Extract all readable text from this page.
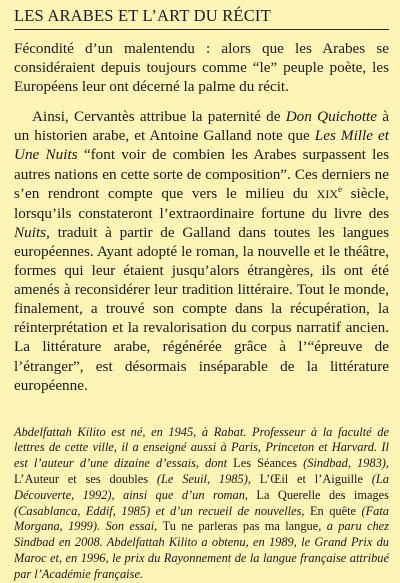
LES ARABES ET L’ART DU RÉCIT

Fécondité d’un malentendu : alors que les Arabes se considéraient depuis toujours comme “le” peuple poète, les Européens leur ont décerné la palme du récit.

Ainsi, Cervantès attribue la paternité de Don Quichotte à un historien arabe, et Antoine Galland note que Les Mille et Une Nuits “font voir de combien les Arabes surpassent les autres nations en cette sorte de composition”. Ces derniers ne s’en rendront compte que vers le milieu du XIXe siècle, lorsqu’ils constateront l’extraordinaire fortune du livre des Nuits, traduit à partir de Galland dans toutes les langues européennes. Ayant adopté le roman, la nouvelle et le théâtre, formes qui leur étaient jusqu’alors étrangères, ils ont été amenés à reconsidérer leur tradition littéraire. Tout le monde, finalement, a trouvé son compte dans la récupération, la réinterprétation et la revalorisation du corpus narratif ancien. La littérature arabe, régénérée grâce à l’“épreuve de l’étranger”, est désormais inséparable de la littérature européenne.

Abdelfattah Kilito est né, en 1945, à Rabat. Professeur à la faculté de lettres de cette ville, il a enseigné aussi à Paris, Princeton et Harvard. Il est l’auteur d’une dizaine d’essais, dont Les Séances (Sindbad, 1983), L’Auteur et ses doubles (Le Seuil, 1985), L’Œil et l’Aiguille (La Découverte, 1992), ainsi que d’un roman, La Querelle des images (Casablanca, Eddif, 1985) et d’un recueil de nouvelles, En quête (Fata Morgana, 1999). Son essai, Tu ne parleras pas ma langue, a paru chez Sindbad en 2008. Abdelfattah Kilito a obtenu, en 1989, le Grand Prix du Maroc et, en 1996, le prix du Rayonnement de la langue française attribué par l’Académie française.
